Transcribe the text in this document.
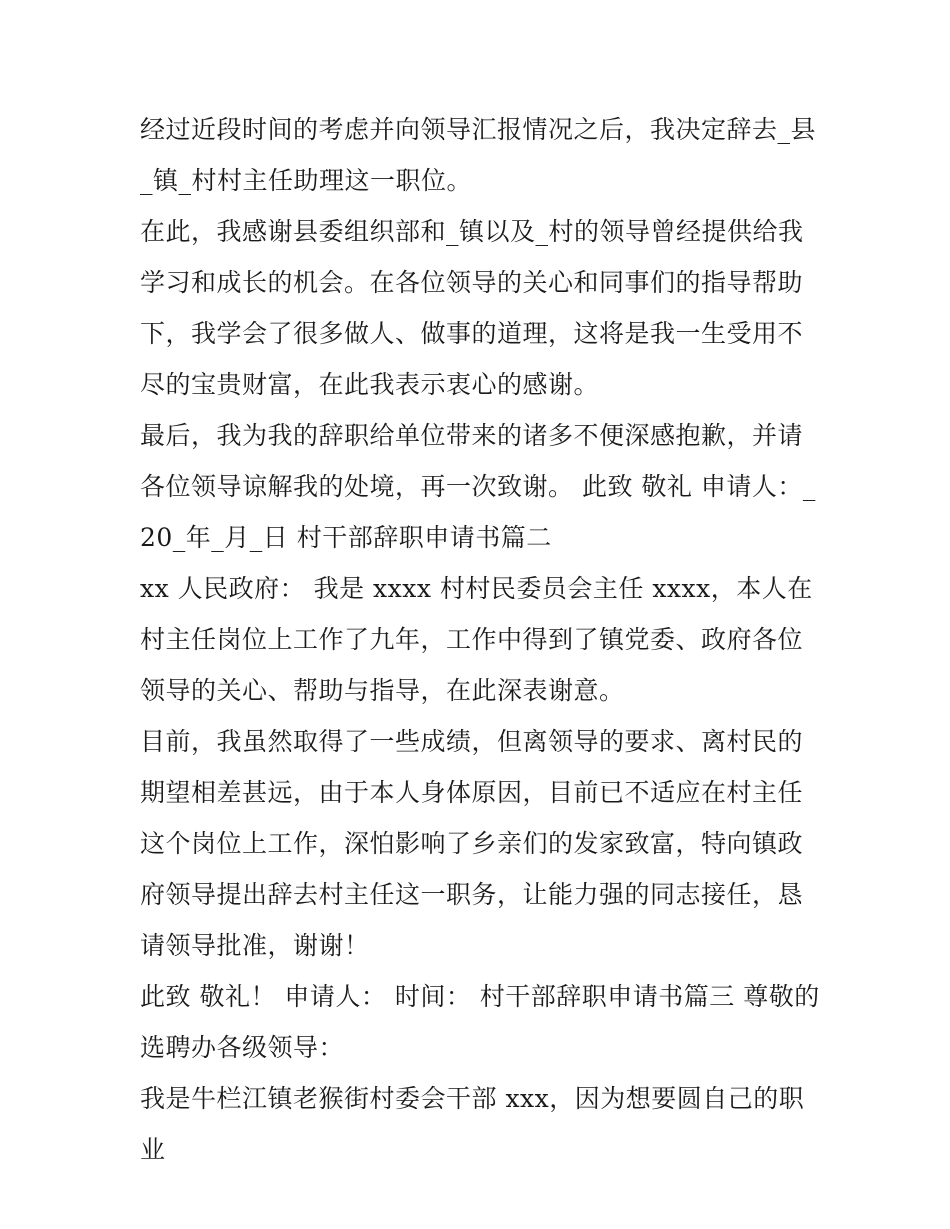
经过近段时间的考虑并向领导汇报情况之后，我决定辞去_县_镇_村村主任助理这一职位。

在此，我感谢县委组织部和_镇以及_村的领导曾经提供给我学习和成长的机会。在各位领导的关心和同事们的指导帮助下，我学会了很多做人、做事的道理，这将是我一生受用不尽的宝贵财富，在此我表示衷心的感谢。

最后，我为我的辞职给单位带来的诸多不便深感抱歉，并请各位领导谅解我的处境，再一次致谢。 此致 敬礼 申请人：_ 20_年_月_日 村干部辞职申请书篇二

xx 人民政府： 我是 xxxx 村村民委员会主任 xxxx，本人在村主任岗位上工作了九年，工作中得到了镇党委、政府各位领导的关心、帮助与指导，在此深表谢意。

目前，我虽然取得了一些成绩，但离领导的要求、离村民的期望相差甚远，由于本人身体原因，目前已不适应在村主任这个岗位上工作，深怕影响了乡亲们的发家致富，特向镇政府领导提出辞去村主任这一职务，让能力强的同志接任，恳请领导批准，谢谢！

此致 敬礼！ 申请人： 时间： 村干部辞职申请书篇三 尊敬的选聘办各级领导：

我是牛栏江镇老猴街村委会干部 xxx，因为想要圆自己的职业
